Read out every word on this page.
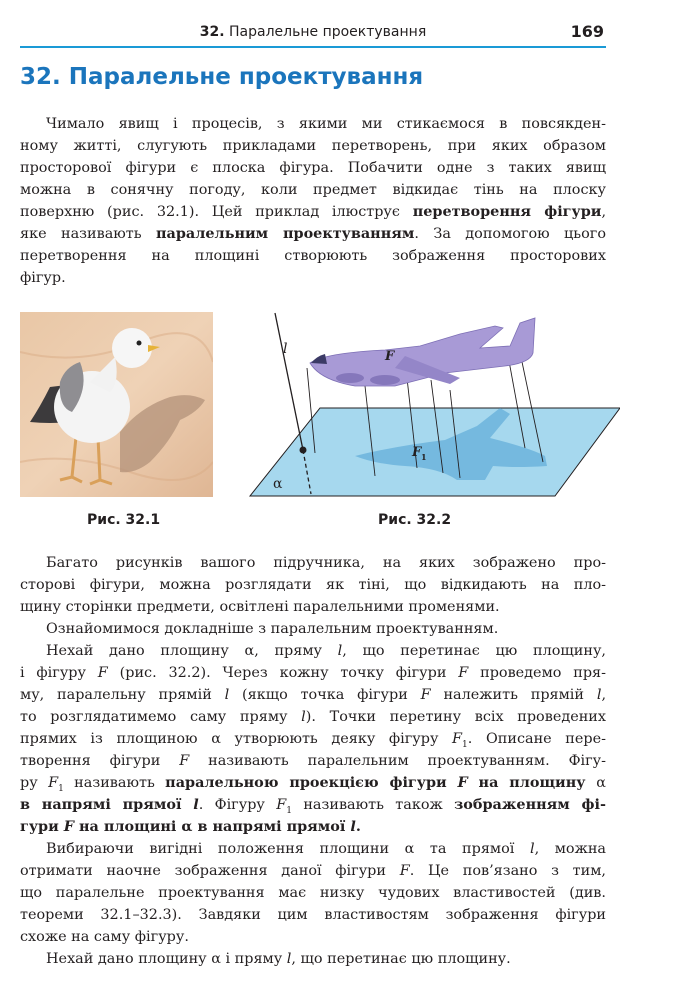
32. Паралельне проектування	169
32. Паралельне проектування
Чимало явищ і процесів, з якими ми стикаємося в повсякден-
ному житті, слугують прикладами перетворень, при яких образом
просторової фігури є плоска фігура. Побачити одне з таких явищ
можна в сонячну погоду, коли предмет відкидає тінь на плоску
поверхню (рис. 32.1). Цей приклад ілюструє перетворення фігури,
яке називають паралельним проектуванням. За допомогою цього
перетворення на площині створюють зображення просторових
фігур.
Рис. 32.1
l	F
F 1
α
Рис. 32.2
Багато рисунків вашого підручника, на яких зображено про-
сторові фігури, можна розглядати як тіні, що відкидають на пло-
щину сторінки предмети, освітлені паралельними променями.
Ознайомимося докладніше з паралельним проектуванням.
Нехай дано площину α, пряму l, що перетинає цю площину,
і фігуру F (рис. 32.2). Через кожну точку фігури F проведемо пря-
му, паралельну прямій l (якщо точка фігури F належить прямій l,
то розглядатимемо саму пряму l). Точки перетину всіх проведених
прямих із площиною α утворюють деяку фігуру $F_1$. Описане пере-
творення фігури F називають паралельним проектуванням. Фігу-
ру $F_1$ називають паралельною проекцією фігури F на площину α
в напрямі прямої l. Фігуру $F_1$ називають також зображенням фі-
гури F на площині α в напрямі прямої l.
Вибираючи вигідні положення площини α та прямої l, можна
отримати наочне зображення даної фігури F. Це пов’язано з тим,
що паралельне проектування має низку чудових властивостей (див.
теореми 32.1–32.3). Завдяки цим властивостям зображення фігури
схоже на саму фігуру.
Нехай дано площину α і пряму l, що перетинає цю площину.
